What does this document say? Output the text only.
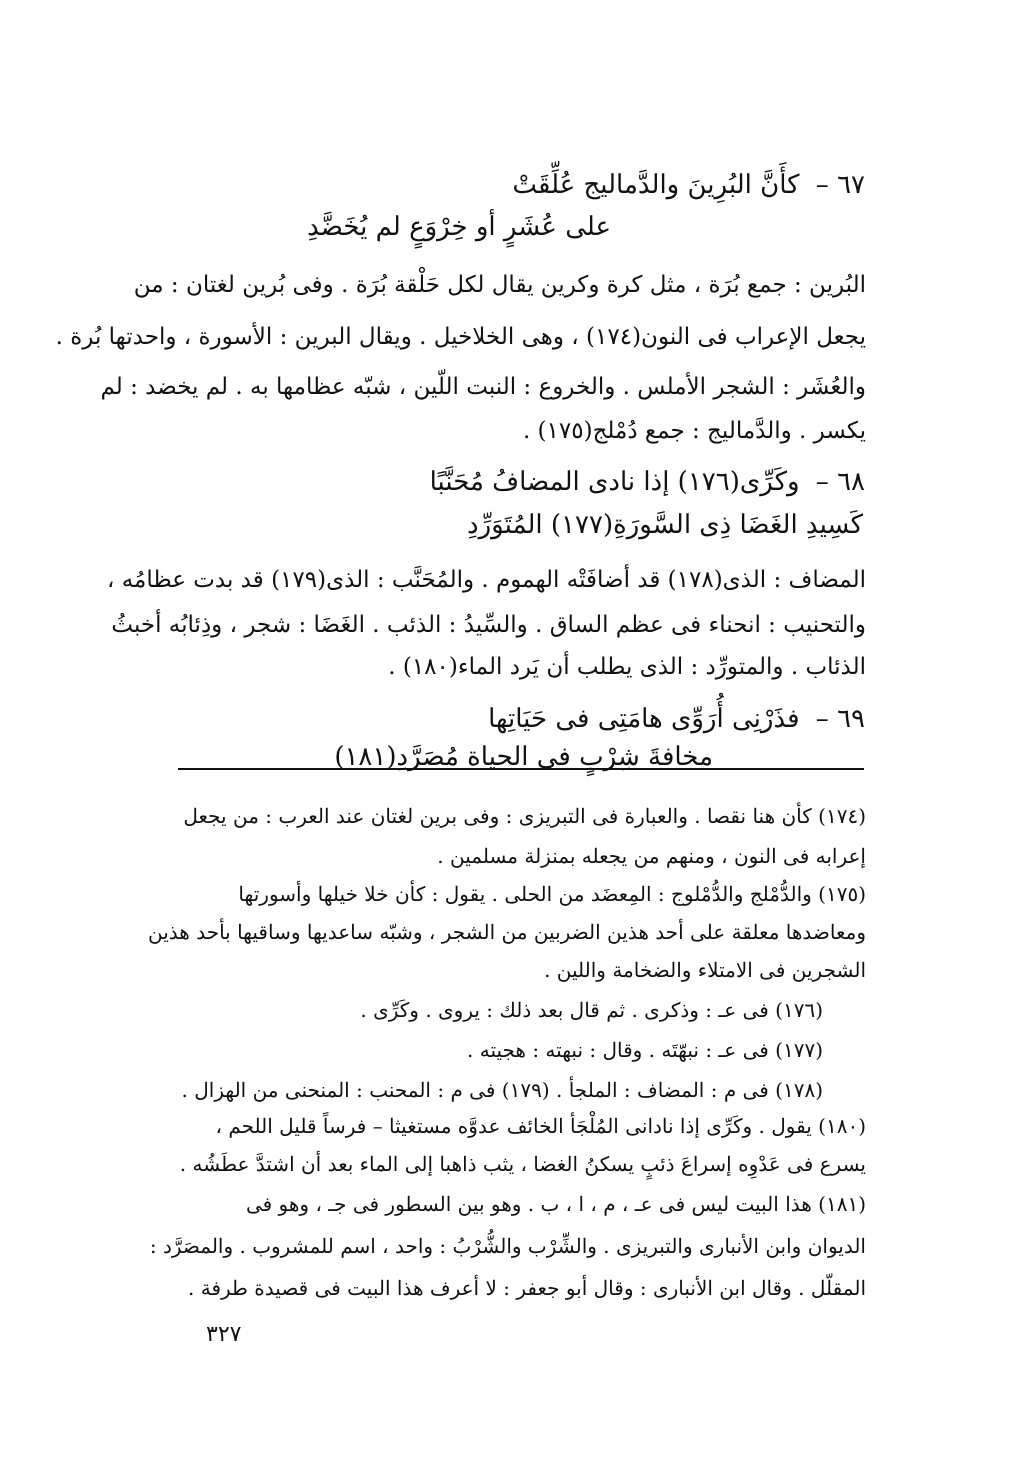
٦٧ – كأَنَّ البُرِينَ والدَّماليج عُلِّقَتْ
على عُشَرٍ أو خِرْوَعٍ لم يُخَضَّدِ
البُرين : جمع بُرَة ، مثل كرة وكرين يقال لكل حَلْقة بُرَة . وفى بُرين لغتان : من
يجعل الإعراب فى النون(١٧٤) ، وهى الخلاخيل . ويقال البرين : الأسورة ، واحدتها بُرة .
والعُشَر : الشجر الأملس . والخروع : النبت اللّين ، شبّه عظامها به . لم يخضد : لم
يكسر . والدَّماليج : جمع دُمْلج(١٧٥) .
٦٨ – وكَرِّى(١٧٦) إذا نادى المضافُ مُحَنَّبًا
كَسِيدِ الغَضَا ذِى السَّورَةِ(١٧٧) المُتَوَرِّدِ
المضاف : الذى(١٧٨) قد أضافَتْه الهموم . والمُحَنَّب : الذى(١٧٩) قد بدت عظامُه ،
والتحنيب : انحناء فى عظم الساق . والسِّيدُ : الذئب . الغَضَا : شجر ، وذِئابُه أخبثُ
الذئاب . والمتورِّد : الذى يطلب أن يَرد الماء(١٨٠) .
٦٩ – فذَرْنِى أُرَوِّى هامَتِى فى حَيَاتِها
مخافةَ شِرْبٍ فى الحياة مُصَرَّدِ(١٨١)
(١٧٤) كأن هنا نقصا . والعبارة فى التبريزى : وفى برين لغتان عند العرب : من يجعل
إعرابه فى النون ، ومنهم من يجعله بمنزلة مسلمين .
(١٧٥) والدُّمْلج والدُّمْلوج : المِعضَد من الحلى . يقول : كأن خلا خيلها وأسورتها
ومعاضدها معلقة على أحد هذين الضربين من الشجر ، وشبّه ساعديها وساقيها بأحد هذين
الشجرين فى الامتلاء والضخامة واللين .
(١٧٦) فى عـ : وذكرى . ثم قال بعد ذلك : يروى . وكَرِّى .
(١٧٧) فى عـ : نبهّتَه . وقال : نبهته : هجيته .
(١٧٨) فى م : المضاف : الملجأ . (١٧٩) فى م : المحنب : المنحنى من الهزال .
(١٨٠) يقول . وكَرِّى إذا نادانى المُلْجَأ الخائف عدوَّه مستغيثا – فرساً قليل اللحم ،
يسرع فى عَدْوِه إسراعَ ذئبٍ يسكنُ الغضا ، يثب ذاهبا إلى الماء بعد أن اشتدَّ عطَشُه .
(١٨١) هذا البيت ليس فى عـ ، م ، ا ، ب . وهو بين السطور فى جـ ، وهو فى
الديوان وابن الأنبارى والتبريزى . والشِّرْب والشُّرْبُ : واحد ، اسم للمشروب . والمصَرَّد :
المقلّل . وقال ابن الأنبارى : وقال أبو جعفر : لا أعرف هذا البيت فى قصيدة طرفة .
٣٢٧
